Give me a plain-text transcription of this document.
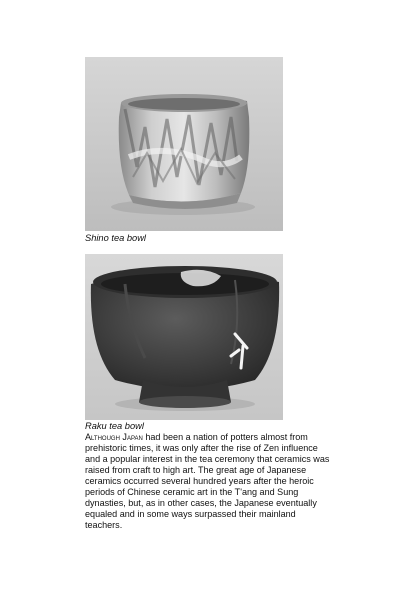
Shino tea bowl
Raku tea bowl

Although Japan had been a nation of potters almost from prehistoric times, it was only after the rise of Zen influence and a popular interest in the tea ceremony that ceramics was raised from craft to high art. The great age of Japanese ceramics occurred several hundred years after the heroic periods of Chinese ceramic art in the T'ang and Sung dynasties, but, as in other cases, the Japanese eventually equaled and in some ways surpassed their mainland teachers.
